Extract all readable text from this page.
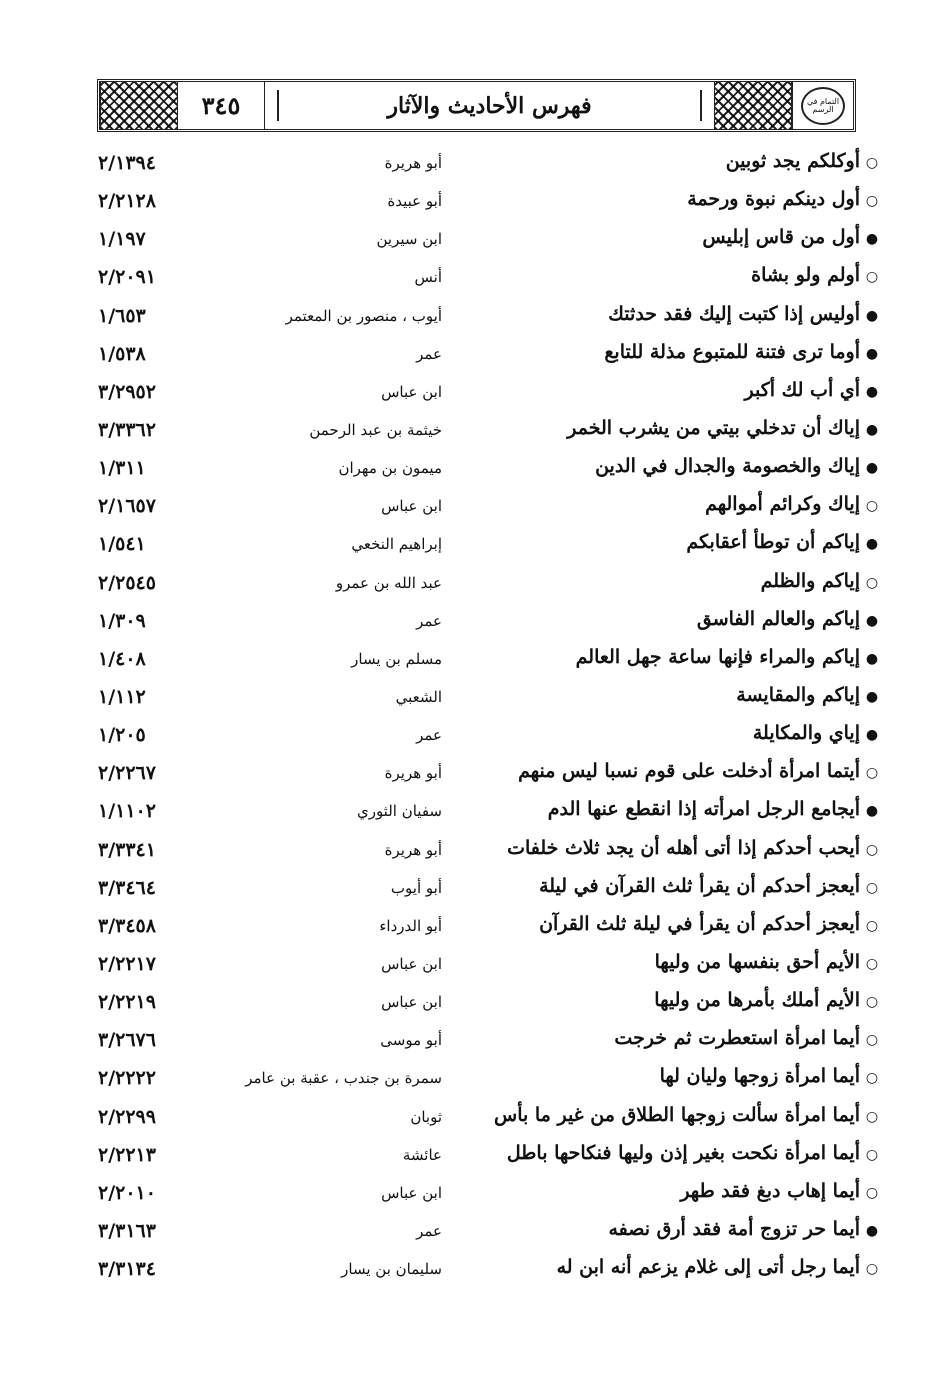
٣٤٥	فهرس الأحاديث والآثار	التمام في الرسم
٢/١٣٩٤	أبو هريرة	○أوكلكم يجد ثوبين
٢/٢١٢٨	أبو عبيدة	○أول دينكم نبوة ورحمة
١/١٩٧	ابن سيرين	●أول من قاس إبليس
٢/٢٠٩١	أنس	○أولم ولو بشاة
١/٦٥٣	أيوب ، منصور بن المعتمر	●أوليس إذا كتبت إليك فقد حدثتك
١/٥٣٨	عمر	●أوما ترى فتنة للمتبوع مذلة للتابع
٣/٢٩٥٢	ابن عباس	●أي أب لك أكبر
٣/٣٣٦٢	خيثمة بن عبد الرحمن	●إياك أن تدخلي بيتي من يشرب الخمر
١/٣١١	ميمون بن مهران	●إياك والخصومة والجدال في الدين
٢/١٦٥٧	ابن عباس	○إياك وكرائم أموالهم
١/٥٤١	إبراهيم النخعي	●إياكم أن توطأ أعقابكم
٢/٢٥٤٥	عبد الله بن عمرو	○إياكم والظلم
١/٣٠٩	عمر	●إياكم والعالم الفاسق
١/٤٠٨	مسلم بن يسار	●إياكم والمراء فإنها ساعة جهل العالم
١/١١٢	الشعبي	●إياكم والمقايسة
١/٢٠٥	عمر	●إياي والمكايلة
٢/٢٢٦٧	أبو هريرة	○أيتما امرأة أدخلت على قوم نسبا ليس منهم
١/١١٠٢	سفيان الثوري	●أيجامع الرجل امرأته إذا انقطع عنها الدم
٣/٣٣٤١	أبو هريرة	○أيحب أحدكم إذا أتى أهله أن يجد ثلاث خلفات
٣/٣٤٦٤	أبو أيوب	○أيعجز أحدكم أن يقرأ ثلث القرآن في ليلة
٣/٣٤٥٨	أبو الدرداء	○أيعجز أحدكم أن يقرأ في ليلة ثلث القرآن
٢/٢٢١٧	ابن عباس	○الأيم أحق بنفسها من وليها
٢/٢٢١٩	ابن عباس	○الأيم أملك بأمرها من وليها
٣/٢٦٧٦	أبو موسى	○أيما امرأة استعطرت ثم خرجت
٢/٢٢٢٢	سمرة بن جندب ، عقبة بن عامر	○أيما امرأة زوجها وليان لها
٢/٢٢٩٩	ثوبان	○أيما امرأة سألت زوجها الطلاق من غير ما بأس
٢/٢٢١٣	عائشة	○أيما امرأة نكحت بغير إذن وليها فنكاحها باطل
٢/٢٠١٠	ابن عباس	○أيما إهاب دبغ فقد طهر
٣/٣١٦٣	عمر	●أيما حر تزوج أمة فقد أرق نصفه
٣/٣١٣٤	سليمان بن يسار	○أيما رجل أتى إلى غلام يزعم أنه ابن له
